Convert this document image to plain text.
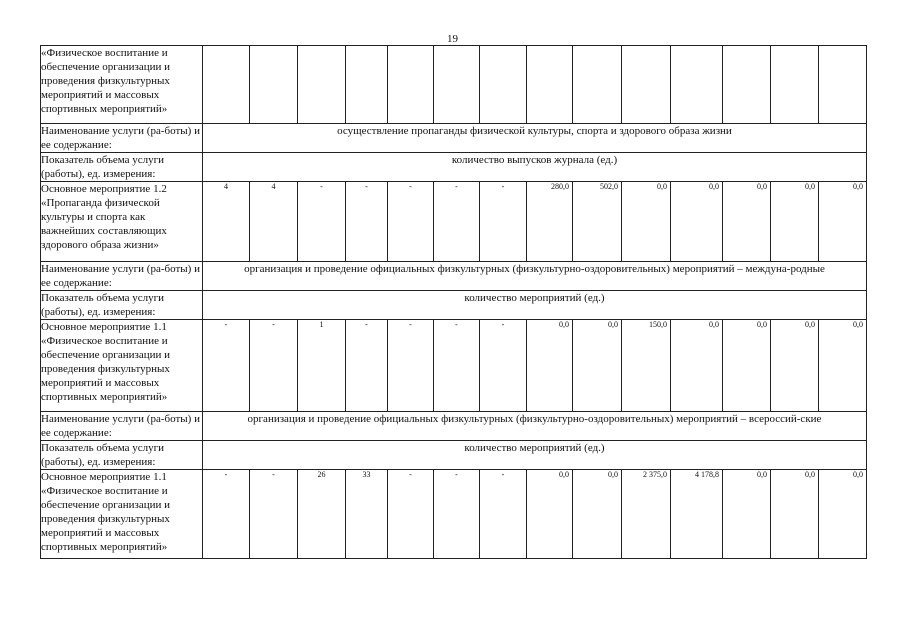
19
«Физическое воспитание и обеспечение организации и проведения физкультурных мероприятий и массовых спортивных мероприятий»														
Наименование услуги (ра-боты) и ее содержание:	осуществление пропаганды физической культуры, спорта и здорового образа жизни													
Показатель объема услуги (работы), ед. измерения:	количество выпусков журнала (ед.)													
Основное мероприятие 1.2 «Пропаганда физической культуры и спорта как важнейших составляющих здорового образа жизни»	4	4	-	-	-	-	-	280,0	502,0	0,0	0,0	0,0	0,0	0,0
Наименование услуги (ра-боты) и ее содержание:	организация и проведение официальных физкультурных (физкультурно-оздоровительных) мероприятий – междуна-родные													
Показатель объема услуги (работы), ед. измерения:	количество мероприятий (ед.)													
Основное мероприятие 1.1 «Физическое воспитание и обеспечение организации и проведения физкультурных мероприятий и массовых спортивных мероприятий»	-	-	1	-	-	-	-	0,0	0,0	150,0	0,0	0,0	0,0	0,0
Наименование услуги (ра-боты) и ее содержание:	организация и проведение официальных физкультурных (физкультурно-оздоровительных) мероприятий – всероссий-ские													
Показатель объема услуги (работы), ед. измерения:	количество мероприятий (ед.)													
Основное мероприятие 1.1 «Физическое воспитание и обеспечение организации и проведения физкультурных мероприятий и массовых спортивных мероприятий»	-	-	26	33	-	-	-	0,0	0,0	2 375,0	4 178,8	0,0	0,0	0,0
